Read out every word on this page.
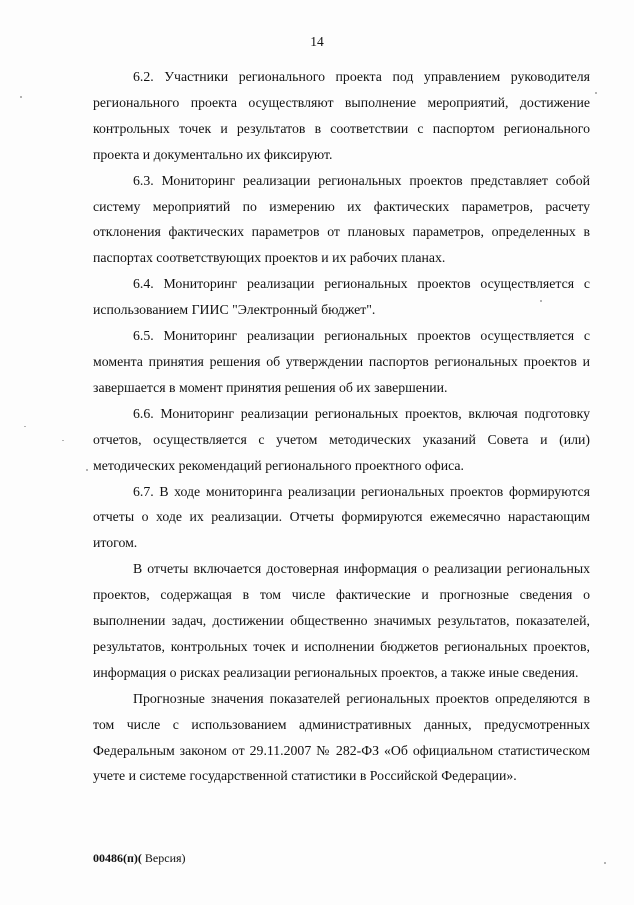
14

6.2. Участники регионального проекта под управлением руководителя регионального проекта осуществляют выполнение мероприятий, достижение контрольных точек и результатов в соответствии с паспортом регионального проекта и документально их фиксируют.

6.3. Мониторинг реализации региональных проектов представляет собой систему мероприятий по измерению их фактических параметров, расчету отклонения фактических параметров от плановых параметров, определенных в паспортах соответствующих проектов и их рабочих планах.

6.4. Мониторинг реализации региональных проектов осуществляется с использованием ГИИС "Электронный бюджет".

6.5. Мониторинг реализации региональных проектов осуществляется с момента принятия решения об утверждении паспортов региональных проектов и завершается в момент принятия решения об их завершении.

6.6. Мониторинг реализации региональных проектов, включая подготовку отчетов, осуществляется с учетом методических указаний Совета и (или) методических рекомендаций регионального проектного офиса.

6.7. В ходе мониторинга реализации региональных проектов формируются отчеты о ходе их реализации. Отчеты формируются ежемесячно нарастающим итогом.

В отчеты включается достоверная информация о реализации региональных проектов, содержащая в том числе фактические и прогнозные сведения о выполнении задач, достижении общественно значимых результатов, показателей, результатов, контрольных точек и исполнении бюджетов региональных проектов, информация о рисках реализации региональных проектов, а также иные сведения.

Прогнозные значения показателей региональных проектов определяются в том числе с использованием административных данных, предусмотренных Федеральным законом от 29.11.2007 № 282-ФЗ «Об официальном статистическом учете и системе государственной статистики в Российской Федерации».

00486(п)( Версия)
